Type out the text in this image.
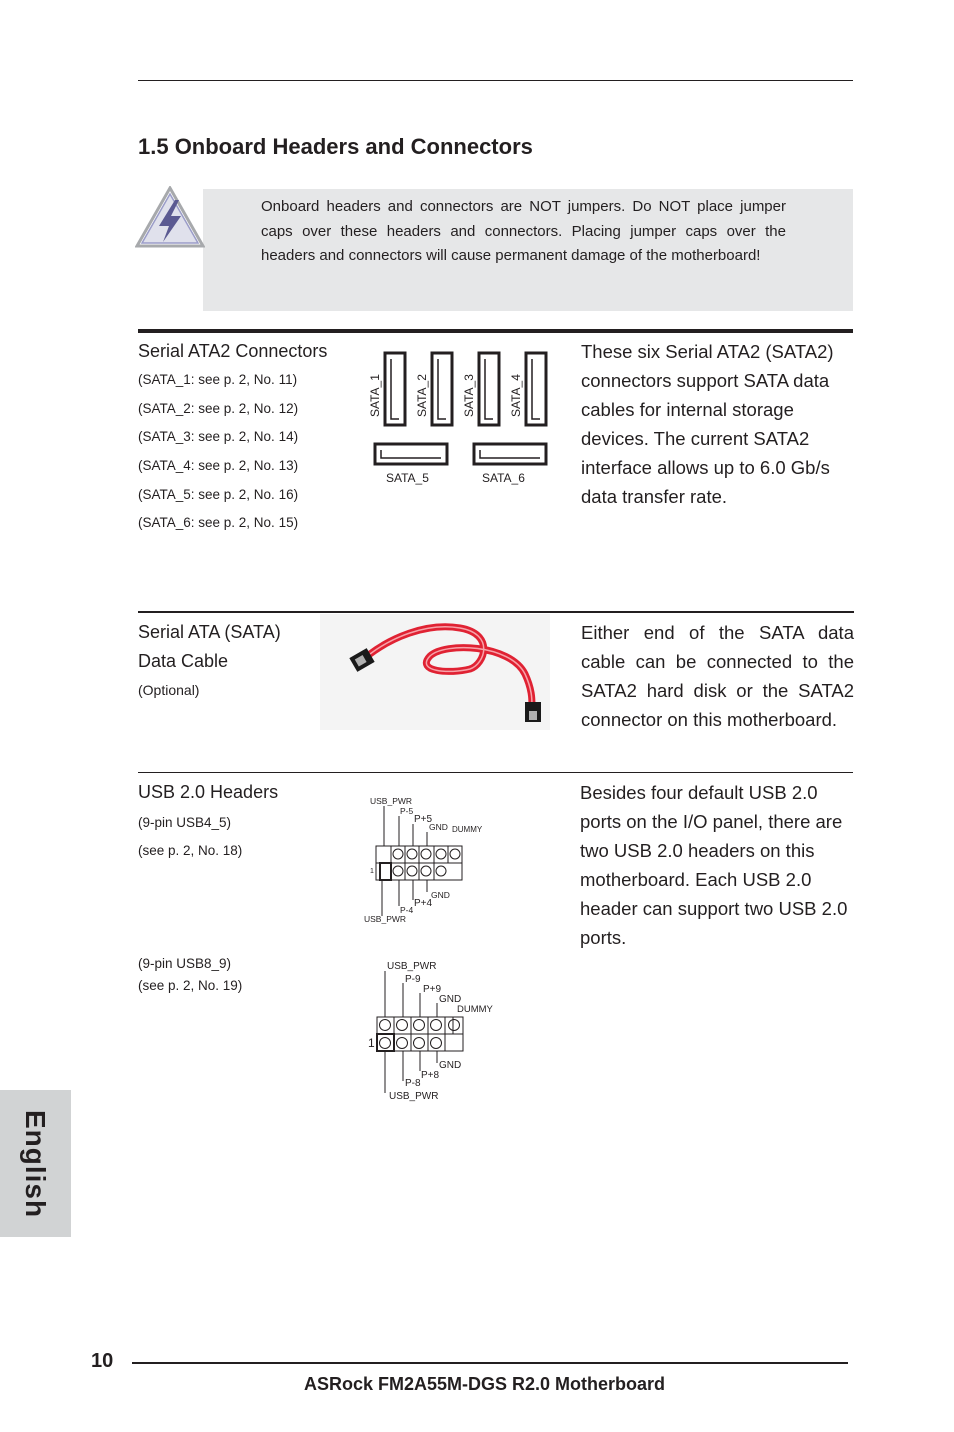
1.5 Onboard Headers and Connectors
Onboard headers and connectors are NOT jumpers. Do NOT place jumper caps over these headers and connectors. Placing jumper caps over the headers and connectors will cause permanent damage of the motherboard!
Serial ATA2 Connectors
(SATA_1: see p. 2, No. 11)
(SATA_2: see p. 2, No. 12)
(SATA_3: see p. 2, No. 14)
(SATA_4: see p. 2, No. 13)
(SATA_5: see p. 2, No. 16)
(SATA_6: see p. 2, No. 15)
SATA_1	SATA_2	SATA_3	SATA_4
SATA_5	SATA_6
These six Serial ATA2 (SATA2) connectors support SATA data cables for internal storage devices. The current SATA2 interface allows up to 6.0 Gb/s data transfer rate.
Serial ATA (SATA)
Data Cable
(Optional)
Either end of the SATA data cable can be connected to the SATA2 hard disk or the SATA2 connector on this motherboard.
USB 2.0 Headers
(9-pin USB4_5)
(see p. 2, No. 18)
USB_PWR
P-5
P+5
GND DUMMY
GND
P+4
P-4
USB_PWR
1
(9-pin USB8_9)
(see p. 2, No. 19)
USB_PWR
P-9
P+9
GND
DUMMY
GND
P+8
P-8
USB_PWR
1
Besides four default USB 2.0 ports on the I/O panel, there are two USB 2.0 headers on this motherboard. Each USB 2.0 header can support two USB 2.0 ports.
English
10
ASRock FM2A55M-DGS R2.0 Motherboard
